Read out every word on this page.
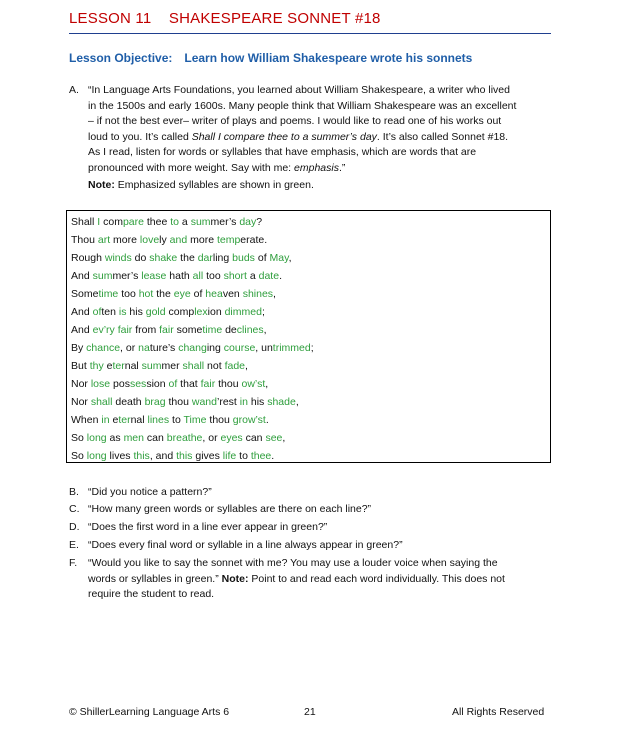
LESSON 11 SHAKESPEARE SONNET #18
Lesson Objective: Learn how William Shakespeare wrote his sonnets
A. “In Language Arts Foundations, you learned about William Shakespeare, a writer who lived
in the 1500s and early 1600s. Many people think that William Shakespeare was an excellent
– if not the best ever– writer of plays and poems. I would like to read one of his works out
loud to you. It’s called Shall I compare thee to a summer’s day. It’s also called Sonnet #18.
As I read, listen for words or syllables that have emphasis, which are words that are
pronounced with more weight. Say with me: emphasis.”
Note: Emphasized syllables are shown in green.
Shall I compare thee to a summer’s day?
Thou art more lovely and more temperate.
Rough winds do shake the darling buds of May,
And summer’s lease hath all too short a date.
Sometime too hot the eye of heaven shines,
And often is his gold complexion dimmed;
And ev’ry fair from fair sometime declines,
By chance, or nature’s changing course, untrimmed;
But thy eternal summer shall not fade,
Nor lose possession of that fair thou ow’st,
Nor shall death brag thou wand’rest in his shade,
When in eternal lines to Time thou grow’st.
So long as men can breathe, or eyes can see,
So long lives this, and this gives life to thee.
B. “Did you notice a pattern?”
C. “How many green words or syllables are there on each line?”
D. “Does the first word in a line ever appear in green?”
E. “Does every final word or syllable in a line always appear in green?”
F. “Would you like to say the sonnet with me? You may use a louder voice when saying the
words or syllables in green.” Note: Point to and read each word individually. This does not
require the student to read.
© ShillerLearning Language Arts 6	21	All Rights Reserved
